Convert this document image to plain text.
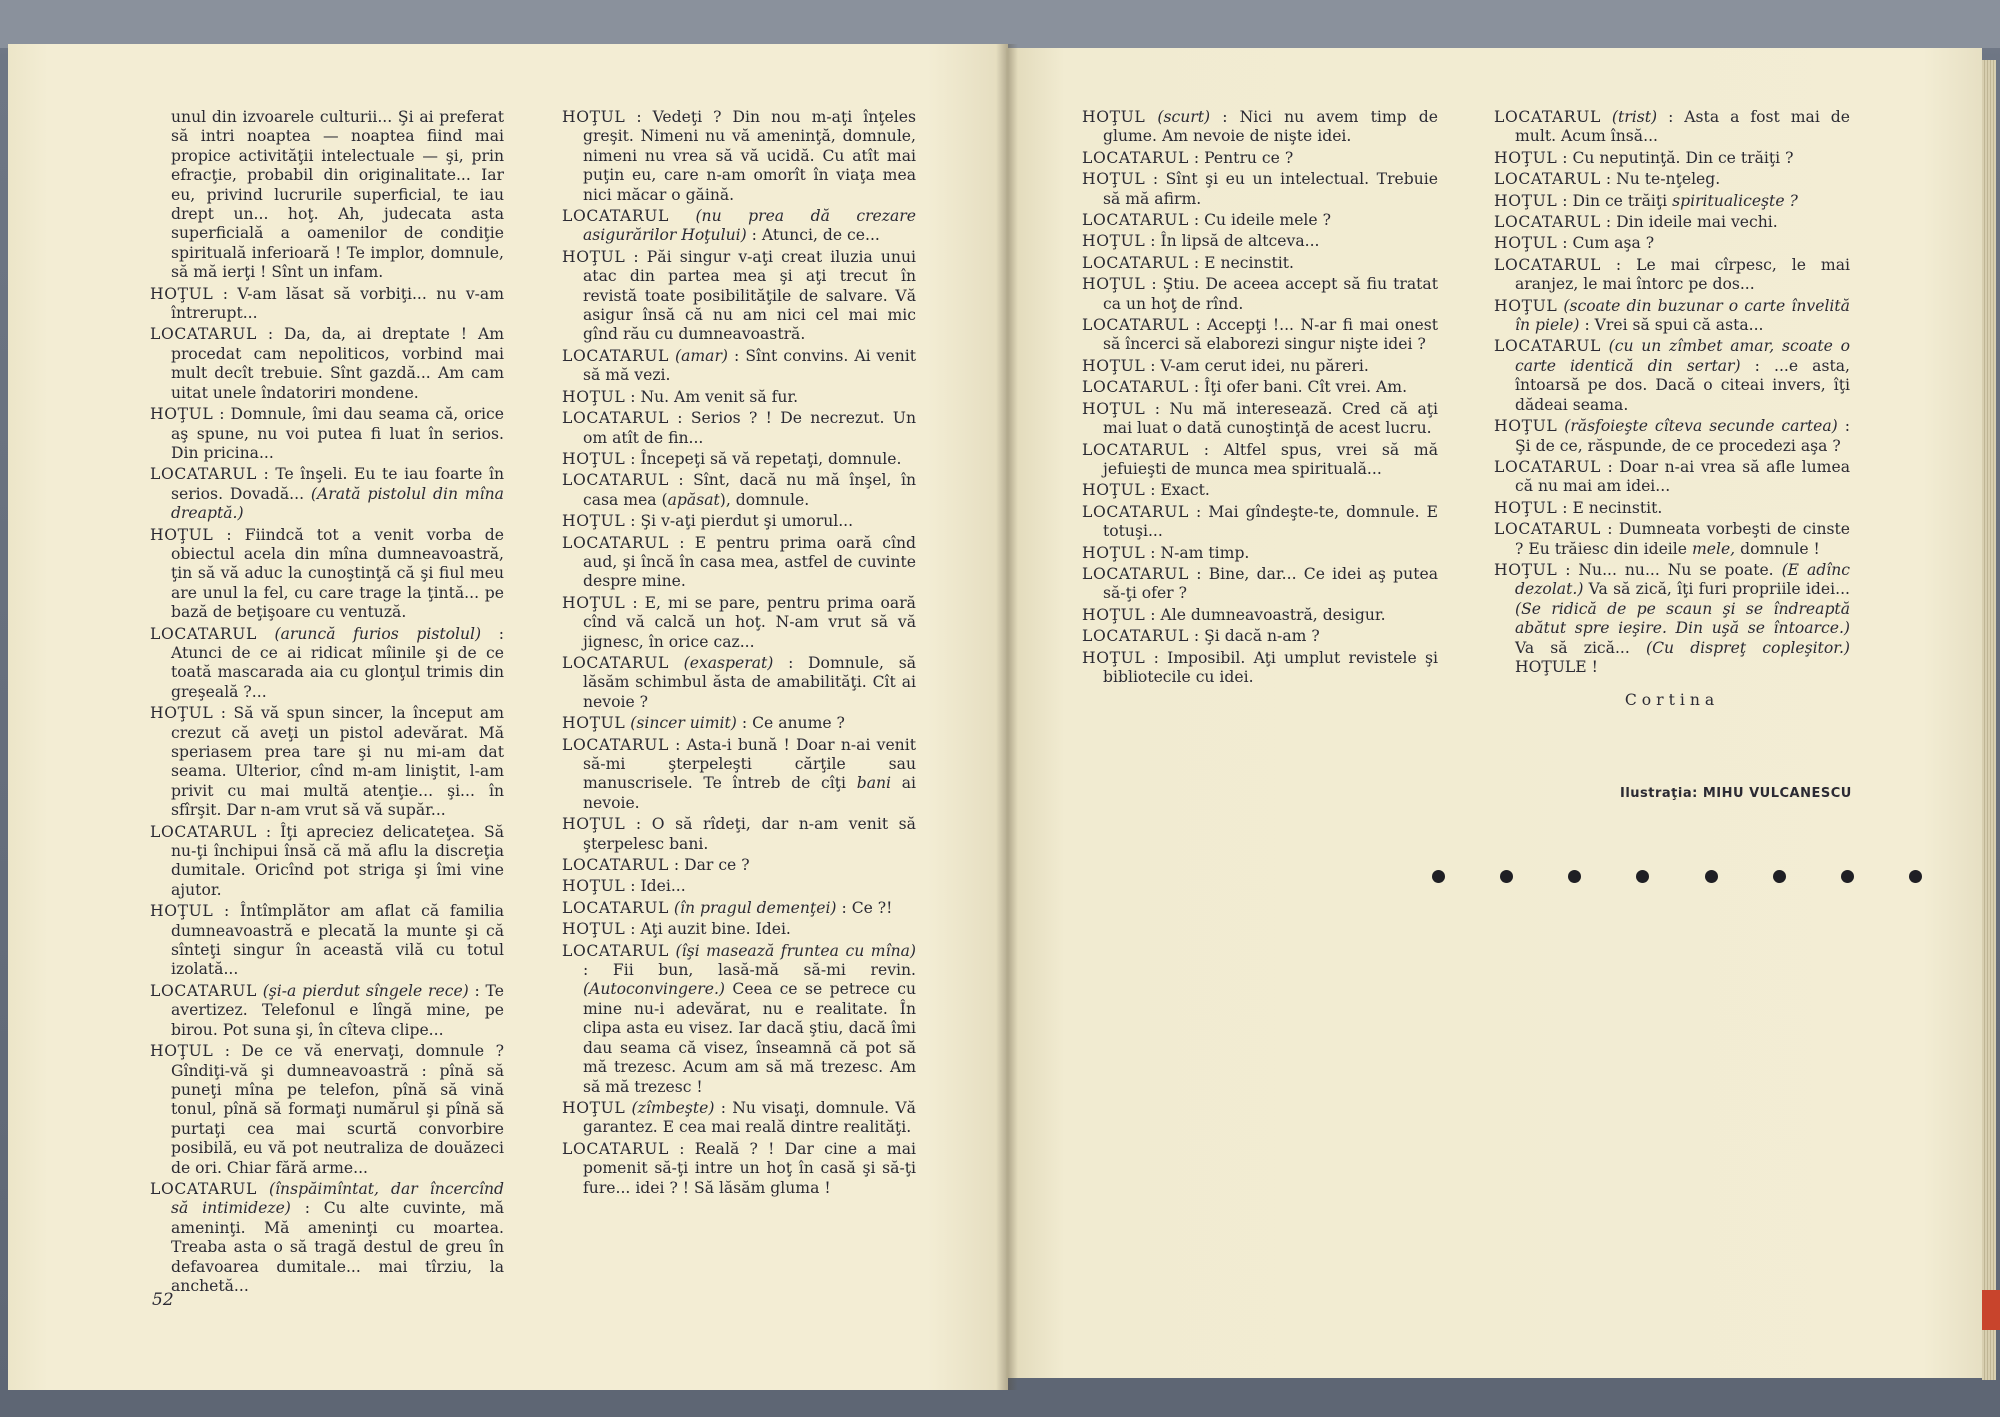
unul din izvoarele culturii... Şi ai preferat să intri noaptea — noaptea fiind mai propice activităţii intelectuale — şi, prin efracţie, probabil din originalitate... Iar eu, privind lucrurile superficial, te iau drept un... hoţ. Ah, judecata asta superficială a oamenilor de condiţie spirituală inferioară ! Te implor, domnule, să mă ierţi ! Sînt un infam.
HOŢUL : V-am lăsat să vorbiţi... nu v-am întrerupt...
LOCATARUL : Da, da, ai dreptate ! Am procedat cam nepoliticos, vorbind mai mult decît trebuie. Sînt gazdă... Am cam uitat unele îndatoriri mondene.
HOŢUL : Domnule, îmi dau seama că, orice aş spune, nu voi putea fi luat în serios. Din pricina...
LOCATARUL : Te înşeli. Eu te iau foarte în serios. Dovadă... (Arată pistolul din mîna dreaptă.)
HOŢUL : Fiindcă tot a venit vorba de obiectul acela din mîna dumneavoastră, ţin să vă aduc la cunoştinţă că şi fiul meu are unul la fel, cu care trage la ţintă... pe bază de beţişoare cu ventuză.
LOCATARUL (aruncă furios pistolul) : Atunci de ce ai ridicat mîinile şi de ce toată mascarada aia cu glonţul trimis din greşeală ?...
HOŢUL : Să vă spun sincer, la început am crezut că aveţi un pistol adevărat. Mă speriasem prea tare şi nu mi-am dat seama. Ulterior, cînd m-am liniştit, l-am privit cu mai multă atenţie... şi... în sfîrşit. Dar n-am vrut să vă supăr...
LOCATARUL : Îţi apreciez delicateţea. Să nu-ţi închipui însă că mă aflu la discreţia dumitale. Oricînd pot striga şi îmi vine ajutor.
HOŢUL : Întîmplător am aflat că familia dumneavoastră e plecată la munte şi că sînteţi singur în această vilă cu totul izolată...
LOCATARUL (şi-a pierdut sîngele rece) : Te avertizez. Telefonul e lîngă mine, pe birou. Pot suna şi, în cîteva clipe...
HOŢUL : De ce vă enervaţi, domnule ? Gîndiţi-vă şi dumneavoastră : pînă să puneţi mîna pe telefon, pînă să vină tonul, pînă să formaţi numărul şi pînă să purtaţi cea mai scurtă convorbire posibilă, eu vă pot neutraliza de douăzeci de ori. Chiar fără arme...
LOCATARUL (înspăimîntat, dar încercînd să intimideze) : Cu alte cuvinte, mă ameninţi. Mă ameninţi cu moartea. Treaba asta o să tragă destul de greu în defavoarea dumitale... mai tîrziu, la anchetă...
HOŢUL : Vedeţi ? Din nou m-aţi înţeles greşit. Nimeni nu vă ameninţă, domnule, nimeni nu vrea să vă ucidă. Cu atît mai puţin eu, care n-am omorît în viaţa mea nici măcar o găină.
LOCATARUL (nu prea dă crezare asigurărilor Hoţului) : Atunci, de ce...
HOŢUL : Păi singur v-aţi creat iluzia unui atac din partea mea şi aţi trecut în revistă toate posibilităţile de salvare. Vă asigur însă că nu am nici cel mai mic gînd rău cu dumneavoastră.
LOCATARUL (amar) : Sînt convins. Ai venit să mă vezi.
HOŢUL : Nu. Am venit să fur.
LOCATARUL : Serios ? ! De necrezut. Un om atît de fin...
HOŢUL : Începeţi să vă repetaţi, domnule.
LOCATARUL : Sînt, dacă nu mă înşel, în casa mea (apăsat), domnule.
HOŢUL : Şi v-aţi pierdut şi umorul...
LOCATARUL : E pentru prima oară cînd aud, şi încă în casa mea, astfel de cuvinte despre mine.
HOŢUL : E, mi se pare, pentru prima oară cînd vă calcă un hoţ. N-am vrut să vă jignesc, în orice caz...
LOCATARUL (exasperat) : Domnule, să lăsăm schimbul ăsta de amabilităţi. Cît ai nevoie ?
HOŢUL (sincer uimit) : Ce anume ?
LOCATARUL : Asta-i bună ! Doar n-ai venit să-mi şterpeleşti cărţile sau manuscrisele. Te întreb de cîţi bani ai nevoie.
HOŢUL : O să rîdeţi, dar n-am venit să şterpelesc bani.
LOCATARUL : Dar ce ?
HOŢUL : Idei...
LOCATARUL (în pragul demenţei) : Ce ?!
HOŢUL : Aţi auzit bine. Idei.
LOCATARUL (îşi masează fruntea cu mîna) : Fii bun, lasă-mă să-mi revin. (Autoconvingere.) Ceea ce se petrece cu mine nu-i adevărat, nu e realitate. În clipa asta eu visez. Iar dacă ştiu, dacă îmi dau seama că visez, înseamnă că pot să mă trezesc. Acum am să mă trezesc. Am să mă trezesc !
HOŢUL (zîmbeşte) : Nu visaţi, domnule. Vă garantez. E cea mai reală dintre realităţi.
LOCATARUL : Reală ? ! Dar cine a mai pomenit să-ţi intre un hoţ în casă şi să-ţi fure... idei ? ! Să lăsăm gluma !
HOŢUL (scurt) : Nici nu avem timp de glume. Am nevoie de nişte idei.
LOCATARUL : Pentru ce ?
HOŢUL : Sînt şi eu un intelectual. Trebuie să mă afirm.
LOCATARUL : Cu ideile mele ?
HOŢUL : În lipsă de altceva...
LOCATARUL : E necinstit.
HOŢUL : Ştiu. De aceea accept să fiu tratat ca un hoţ de rînd.
LOCATARUL : Accepţi !... N-ar fi mai onest să încerci să elaborezi singur nişte idei ?
HOŢUL : V-am cerut idei, nu păreri.
LOCATARUL : Îţi ofer bani. Cît vrei. Am.
HOŢUL : Nu mă interesează. Cred că aţi mai luat o dată cunoştinţă de acest lucru.
LOCATARUL : Altfel spus, vrei să mă jefuieşti de munca mea spirituală...
HOŢUL : Exact.
LOCATARUL : Mai gîndeşte-te, domnule. E totuşi...
HOŢUL : N-am timp.
LOCATARUL : Bine, dar... Ce idei aş putea să-ţi ofer ?
HOŢUL : Ale dumneavoastră, desigur.
LOCATARUL : Şi dacă n-am ?
HOŢUL : Imposibil. Aţi umplut revistele şi bibliotecile cu idei.
LOCATARUL (trist) : Asta a fost mai de mult. Acum însă...
HOŢUL : Cu neputinţă. Din ce trăiţi ?
LOCATARUL : Nu te-nţeleg.
HOŢUL : Din ce trăiţi spiritualiceşte ?
LOCATARUL : Din ideile mai vechi.
HOŢUL : Cum aşa ?
LOCATARUL : Le mai cîrpesc, le mai aranjez, le mai întorc pe dos...
HOŢUL (scoate din buzunar o carte învelită în piele) : Vrei să spui că asta...
LOCATARUL (cu un zîmbet amar, scoate o carte identică din sertar) : ...e asta, întoarsă pe dos. Dacă o citeai invers, îţi dădeai seama.
HOŢUL (răsfoieşte cîteva secunde cartea) : Şi de ce, răspunde, de ce procedezi aşa ?
LOCATARUL : Doar n-ai vrea să afle lumea că nu mai am idei...
HOŢUL : E necinstit.
LOCATARUL : Dumneata vorbeşti de cinste ? Eu trăiesc din ideile mele, domnule !
HOŢUL : Nu... nu... Nu se poate. (E adînc dezolat.) Va să zică, îţi furi propriile idei... (Se ridică de pe scaun şi se îndreaptă abătut spre ieşire. Din uşă se întoarce.) Va să zică... (Cu dispreţ copleşitor.) HOŢULE !
Cortina
52
Ilustraţia: MIHU VULCANESCU
